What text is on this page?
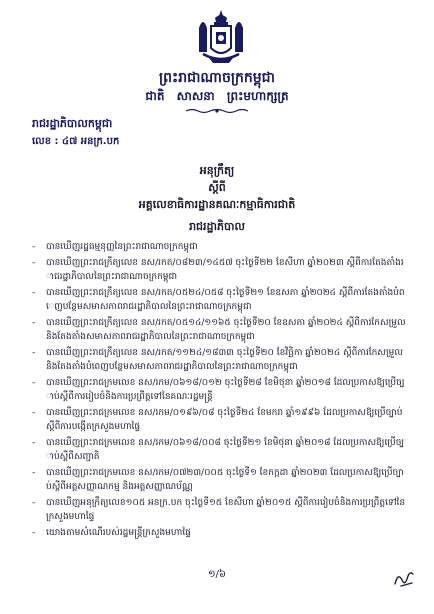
ព្រះរាជាណាចក្រកម្ពុជា
ជាតិ សាសនា ព្រះមហាក្សត្រ
រាជរដ្ឋាភិបាលកម្ពុជា
លេខ : ៤៧ អនក្រ.បក
អនុក្រឹត្យ
ស្ដីពី
អគ្គលេខាធិការដ្ឋានគណៈកម្មាធិការជាតិ
រាជរដ្ឋាភិបាល
- បានឃើញរដ្ឋធម្មនុញ្ញនៃព្រះរាជាណាចក្រកម្ពុជា
- បានឃើញព្រះរាជក្រឹត្យលេខ នស/រកត/០៨២៣/១៤៥៧ ចុះថ្ងៃទី២២ ខែសីហា ឆ្នាំ២០២៣ ស្ដីពីការតែងតាំងរាជរដ្ឋាភិបាលនៃព្រះរាជាណាចក្រកម្ពុជា
- បានឃើញព្រះរាជក្រឹត្យលេខ នស/រកត/០៥២៤/០៥៨ ចុះថ្ងៃទី២១ ខែឧសភា ឆ្នាំ២០២៤ ស្ដីពីការតែងតាំងបំពេញបន្ថែមសមាសភាពរាជរដ្ឋាភិបាលនៃព្រះរាជាណាចក្រកម្ពុជា
- បានឃើញព្រះរាជក្រឹត្យលេខ នស/រកត/០៥១៤/១១៦៥ ចុះថ្ងៃទី២០ ខែឧសភា ឆ្នាំ២០២៤ ស្ដីពីការកែសម្រួល និងតែងតាំងសមាសភាពរាជរដ្ឋាភិបាលនៃព្រះរាជាណាចក្រកម្ពុជា
- បានឃើញព្រះរាជក្រឹត្យលេខ នស/រកត/១១២៤/១៨៣៣ ចុះថ្ងៃទី២០ ខែវិច្ឆិកា ឆ្នាំ២០២៤ ស្ដីពីការកែសម្រួល និងតែងតាំងបំពេញបន្ថែមសមាសភាពរាជរដ្ឋាភិបាលនៃព្រះរាជាណាចក្រកម្ពុជា
- បានឃើញព្រះរាជក្រមលេខ នស/រកម/០៦១៨/០១២ ចុះថ្ងៃទី២៨ ខែមិថុនា ឆ្នាំ២០១៨ ដែលប្រកាសឱ្យប្រើច្បាប់ស្ដីពីការរៀបចំនិងការប្រព្រឹត្តទៅនៃគណៈរដ្ឋមន្ត្រី
- បានឃើញព្រះរាជក្រមលេខ នស/រកម/០១៩៦/០៨ ចុះថ្ងៃទី២៤ ខែមករា ឆ្នាំ១៩៩៦ ដែលប្រកាសឱ្យប្រើច្បាប់ស្ដីពីការបង្កើតក្រសួងមហាផ្ទៃ
- បានឃើញព្រះរាជក្រមលេខ នស/រកម/០៦១៨/០០៨ ចុះថ្ងៃទី២១ ខែមិថុនា ឆ្នាំ២០១៨ ដែលប្រកាសឱ្យប្រើច្បាប់ស្ដីពីសញ្ជាតិ
- បានឃើញព្រះរាជក្រមលេខ នស/រកម/០៧២៣/០០៥ ចុះថ្ងៃទី១ ខែកក្កដា ឆ្នាំ២០២៣ ដែលប្រកាសឱ្យប្រើច្បាប់ស្ដីពីអត្តសញ្ញាណកម្ម និងអត្តសញ្ញាណប័ណ្ណ
- បានឃើញអនុក្រឹត្យលេខ១០៥ អនក្រ.បក ចុះថ្ងៃទី១៥ ខែសីហា ឆ្នាំ២០១៥ ស្ដីពីការរៀបចំនិងការប្រព្រឹត្តទៅនៃក្រសួងមហាផ្ទៃ
- យោងតាមសំណើរបស់រដ្ឋមន្ត្រីក្រសួងមហាផ្ទៃ
១/៦
